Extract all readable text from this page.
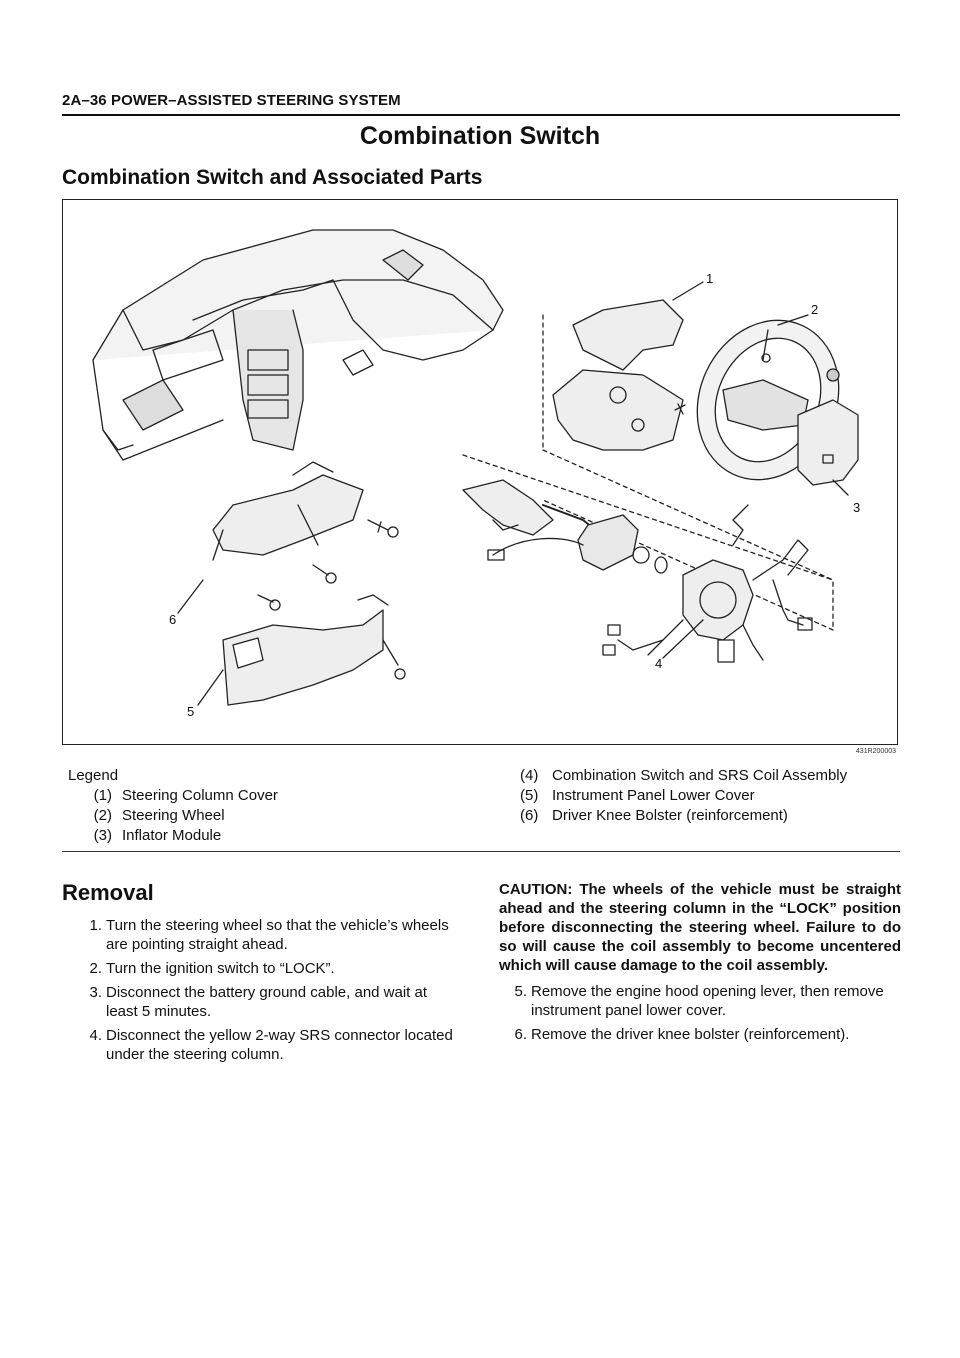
2A–36 POWER–ASSISTED STEERING SYSTEM
Combination Switch
Combination Switch and Associated Parts
1
2
3
4
5
6
431R200003
Legend
(1) Steering Column Cover
(2) Steering Wheel
(3) Inflator Module
(4) Combination Switch and SRS Coil Assembly
(5) Instrument Panel Lower Cover
(6) Driver Knee Bolster (reinforcement)
Removal
1. Turn the steering wheel so that the vehicle’s wheels are pointing straight ahead.
2. Turn the ignition switch to “LOCK”.
3. Disconnect the battery ground cable, and wait at least 5 minutes.
4. Disconnect the yellow 2-way SRS connector located under the steering column.
CAUTION: The wheels of the vehicle must be straight ahead and the steering column in the “LOCK” position before disconnecting the steering wheel. Failure to do so will cause the coil assembly to become uncentered which will cause damage to the coil assembly.
5. Remove the engine hood opening lever, then remove instrument panel lower cover.
6. Remove the driver knee bolster (reinforcement).
